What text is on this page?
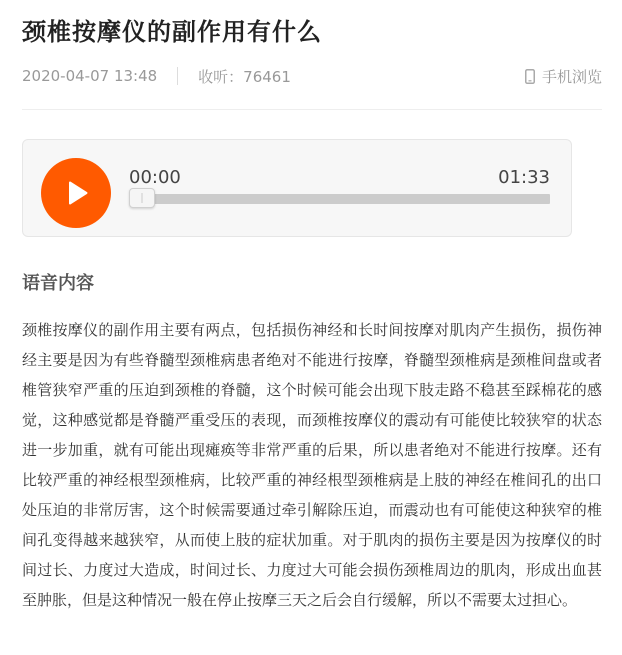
颈椎按摩仪的副作用有什么
2020-04-07 13:48	收听：76461	手机浏览
00:00	01:33
语音内容
颈椎按摩仪的副作用主要有两点，包括损伤神经和长时间按摩对肌肉产生损伤，损伤神经主要是因为有些脊髓型颈椎病患者绝对不能进行按摩，脊髓型颈椎病是颈椎间盘或者椎管狭窄严重的压迫到颈椎的脊髓，这个时候可能会出现下肢走路不稳甚至踩棉花的感觉，这种感觉都是脊髓严重受压的表现，而颈椎按摩仪的震动有可能使比较狭窄的状态进一步加重，就有可能出现瘫痪等非常严重的后果，所以患者绝对不能进行按摩。还有比较严重的神经根型颈椎病，比较严重的神经根型颈椎病是上肢的神经在椎间孔的出口处压迫的非常厉害，这个时候需要通过牵引解除压迫，而震动也有可能使这种狭窄的椎间孔变得越来越狭窄，从而使上肢的症状加重。对于肌肉的损伤主要是因为按摩仪的时间过长、力度过大造成，时间过长、力度过大可能会损伤颈椎周边的肌肉，形成出血甚至肿胀，但是这种情况一般在停止按摩三天之后会自行缓解，所以不需要太过担心。
